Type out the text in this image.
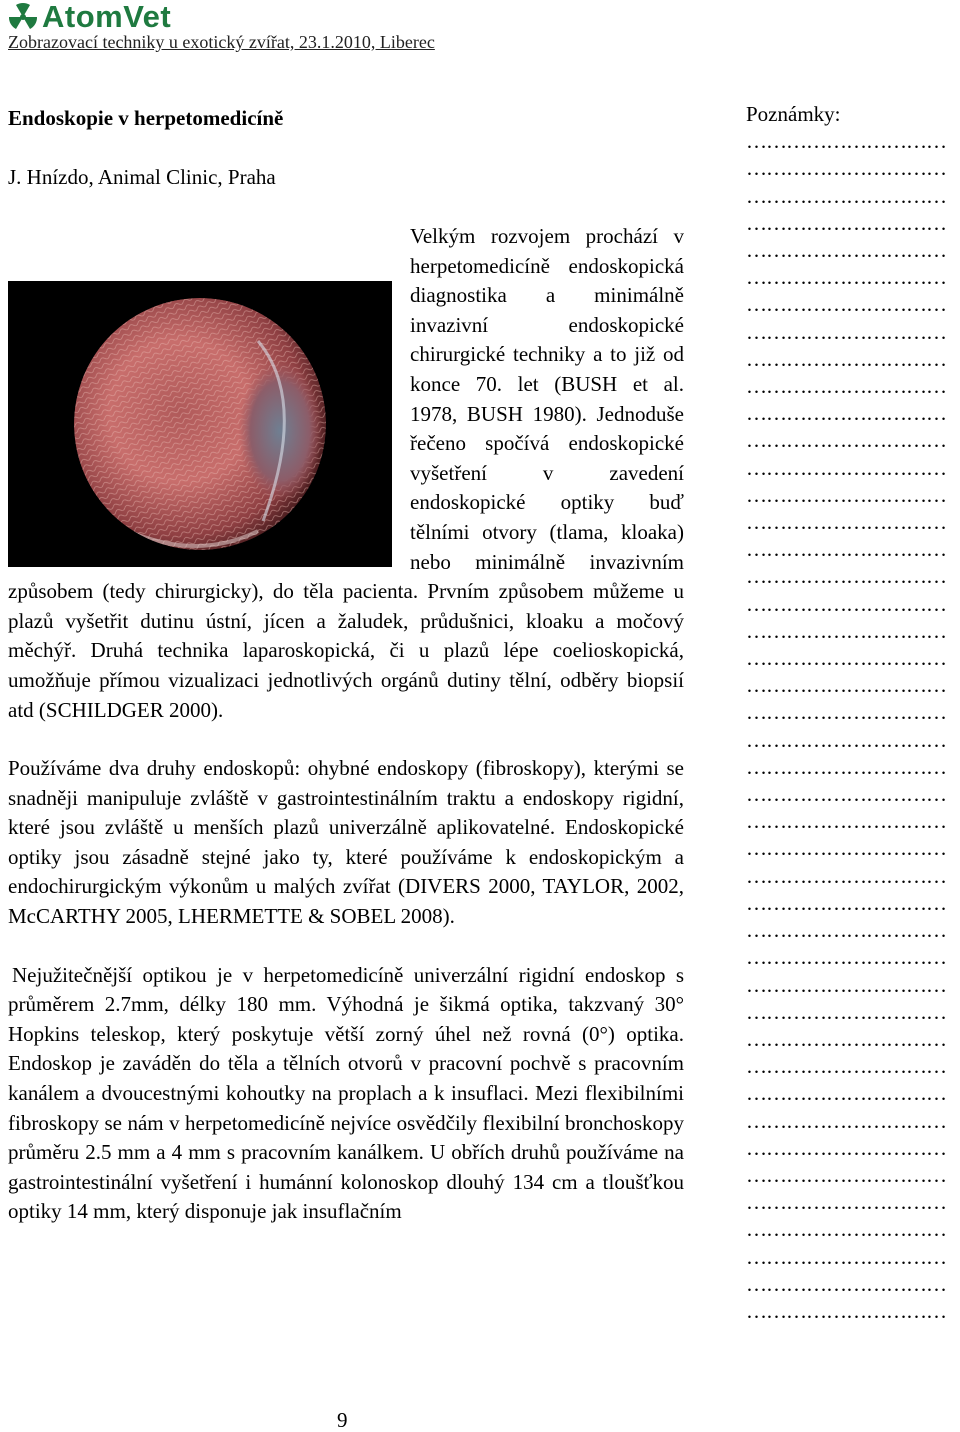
AtomVet
Zobrazovací techniky u exotický zvířat, 23.1.2010, Liberec
Endoskopie v herpetomedicíně
J. Hnízdo, Animal Clinic, Praha

Velkým rozvojem prochází v herpetomedicíně endoskopická diagnostika a minimálně invazivní endoskopické chirurgické techniky a to již od konce 70. let (BUSH et al. 1978, BUSH 1980). Jednoduše řečeno spočívá endoskopické vyšetření v zavedení endoskopické optiky buď tělními otvory (tlama, kloaka) nebo minimálně invazivním způsobem (tedy chirurgicky), do těla pacienta. Prvním způsobem můžeme u plazů vyšetřit dutinu ústní, jícen a žaludek, průdušnici, kloaku a močový měchýř. Druhá technika laparoskopická, či u plazů lépe coelioskopická, umožňuje přímou vizualizaci jednotlivých orgánů dutiny tělní, odběry biopsií atd (SCHILDGER 2000).

Používáme dva druhy endoskopů: ohybné endoskopy (fibroskopy), kterými se snadněji manipuluje zvláště v gastrointestinálním traktu a endoskopy rigidní, které jsou zvláště u menších plazů univerzálně aplikovatelné. Endoskopické optiky jsou zásadně stejné jako ty, které používáme k endoskopickým a endochirurgickým výkonům u malých zvířat (DIVERS 2000, TAYLOR, 2002, McCARTHY 2005, LHERMETTE & SOBEL 2008).

Nejužitečnější optikou je v herpetomedicíně univerzální rigidní endoskop s průměrem 2.7mm, délky 180 mm. Výhodná je šikmá optika, takzvaný 30° Hopkins teleskop, který poskytuje větší zorný úhel než rovná (0°) optika. Endoskop je zaváděn do těla a tělních otvorů v pracovní pochvě s pracovním kanálem a dvoucestnými kohoutky na proplach a k insuflaci. Mezi flexibilními fibroskopy se nám v herpetomedicíně nejvíce osvědčily flexibilní bronchoskopy průměru 2.5 mm a 4 mm s pracovním kanálkem. U obřích druhů používáme na gastrointestinální vyšetření i humánní kolonoskop dlouhý 134 cm a tloušťkou optiky 14 mm, který disponuje jak insuflačním

Poznámky:
…………………………
…………………………
…………………………
…………………………
…………………………
…………………………
…………………………
…………………………
…………………………
…………………………
…………………………
…………………………
…………………………
…………………………
…………………………
…………………………
…………………………
…………………………
…………………………
…………………………
…………………………
…………………………
…………………………
…………………………
…………………………
…………………………
…………………………
…………………………
…………………………
…………………………
…………………………
…………………………
…………………………
…………………………
…………………………
…………………………
…………………………
…………………………
…………………………
…………………………
…………………………
…………………………
…………………………
…………………………
9
